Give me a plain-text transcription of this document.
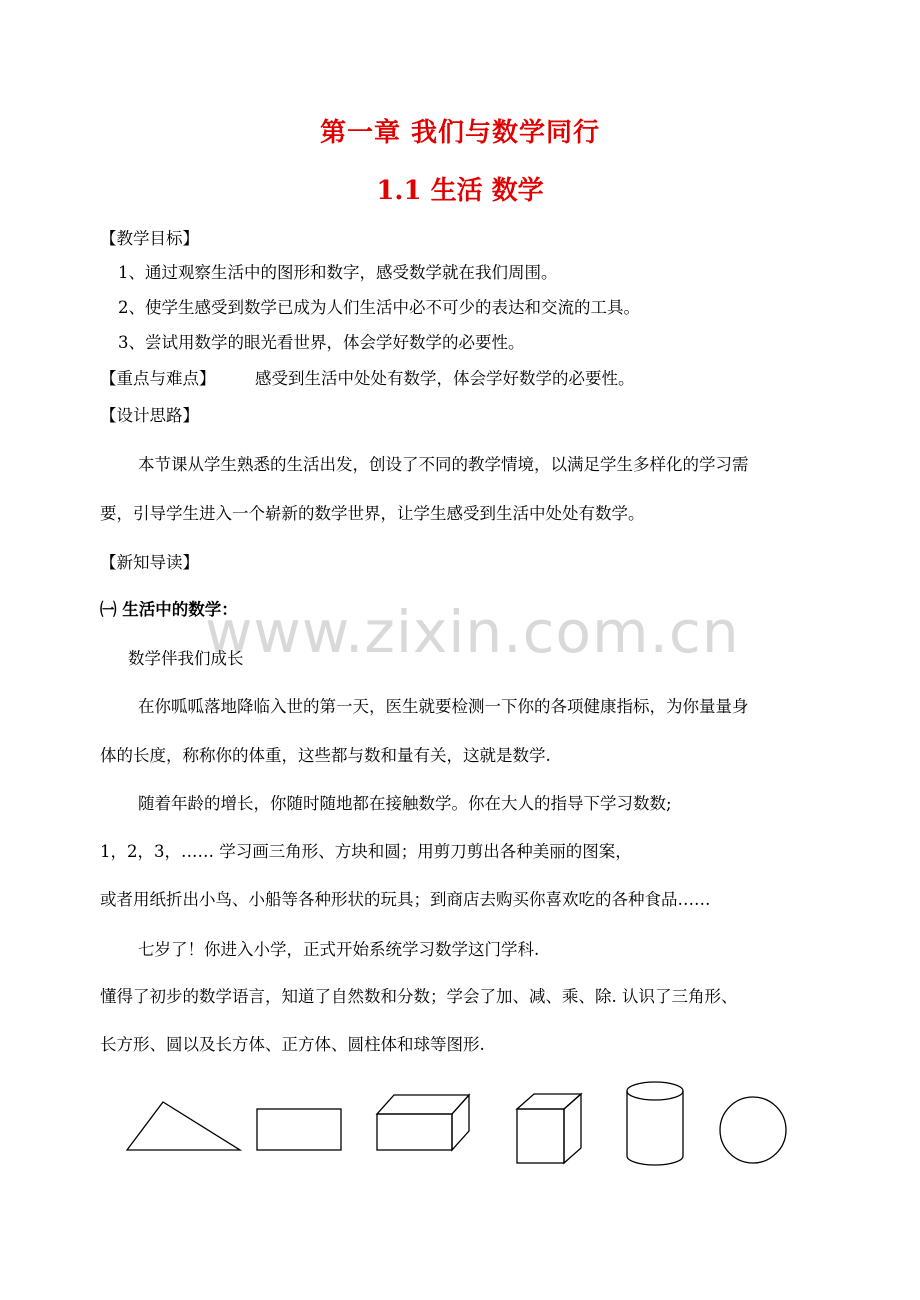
www.zixin.com.cn
第一章 我们与数学同行
1.1 生活 数学
【教学目标】
1、通过观察生活中的图形和数字，感受数学就在我们周围。
2、使学生感受到数学已成为人们生活中必不可少的表达和交流的工具。
3、尝试用数学的眼光看世界，体会学好数学的必要性。
【重点与难点】 感受到生活中处处有数学，体会学好数学的必要性。
【设计思路】
本节课从学生熟悉的生活出发，创设了不同的教学情境，以满足学生多样化的学习需
要，引导学生进入一个崭新的数学世界，让学生感受到生活中处处有数学。
【新知导读】
㈠ 生活中的数学：
数学伴我们成长
在你呱呱落地降临入世的第一天，医生就要检测一下你的各项健康指标，为你量量身
体的长度，称称你的体重，这些都与数和量有关，这就是数学.
随着年龄的增长，你随时随地都在接触数学。你在大人的指导下学习数数;
1，2，3，…… 学习画三角形、方块和圆；用剪刀剪出各种美丽的图案，
或者用纸折出小鸟、小船等各种形状的玩具；到商店去购买你喜欢吃的各种食品……
七岁了！你进入小学，正式开始系统学习数学这门学科.
懂得了初步的数学语言，知道了自然数和分数；学会了加、减、乘、除. 认识了三角形、
长方形、圆以及长方体、正方体、圆柱体和球等图形.
